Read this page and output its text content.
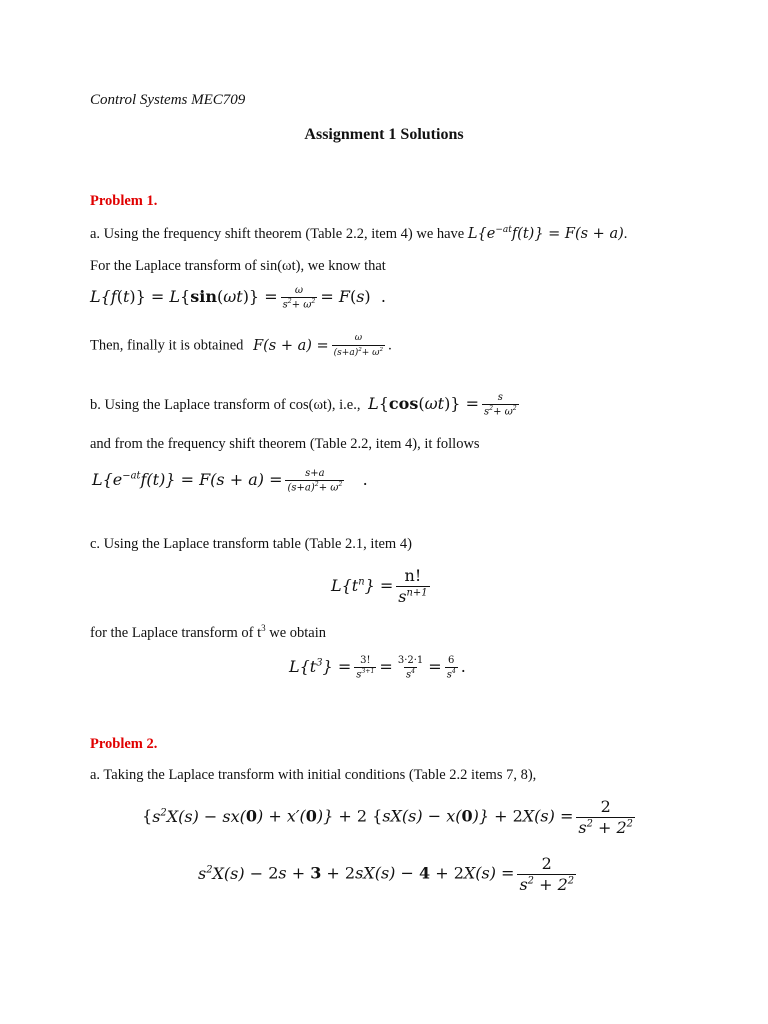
Control Systems MEC709
Assignment 1 Solutions
Problem 1.
a. Using the frequency shift theorem (Table 2.2, item 4) we have $L\{e^{-at}f(t)\} = F(s + a)$.
For the Laplace transform of sin(ωt), we know that
$L\{f(t)\} = L\{\sin(\omega t)\} = \frac{\omega}{s^2+ \omega^2} = F(s)$ .
Then, finally it is obtained $F(s + a) = \frac{\omega}{(s+a)^2+ \omega^2}$ .
b. Using the Laplace transform of cos(ωt), i.e., $L\{\cos(\omega t)\} = \frac{s}{s^2+ \omega^2}$
and from the frequency shift theorem (Table 2.2, item 4), it follows
$L\{e^{-at}f(t)\} = F(s + a) = \frac{s+a}{(s+a)^2+ \omega^2}$ .
c. Using the Laplace transform table (Table 2.1, item 4)
$L\{t^n\} = \frac{n!}{s^{n+1}}$
for the Laplace transform of $t^3$ we obtain
$L\{t^3\} = \frac{3!}{s^{3+1}} = \frac{3\cdot 2\cdot 1}{s^4} = \frac{6}{s^4}$ .
Problem 2.
a. Taking the Laplace transform with initial conditions (Table 2.2 items 7, 8),
$\{s^2X(s) - sx(0) + x'(0)\} + 2$ $\{sX(s) - x(0)\} + 2X(s) = \frac{2}{s^2 + 2^2}$
$s^2X(s) - 2s + 3 + 2sX(s) - 4 + 2X(s) = \frac{2}{s^2 + 2^2}$
